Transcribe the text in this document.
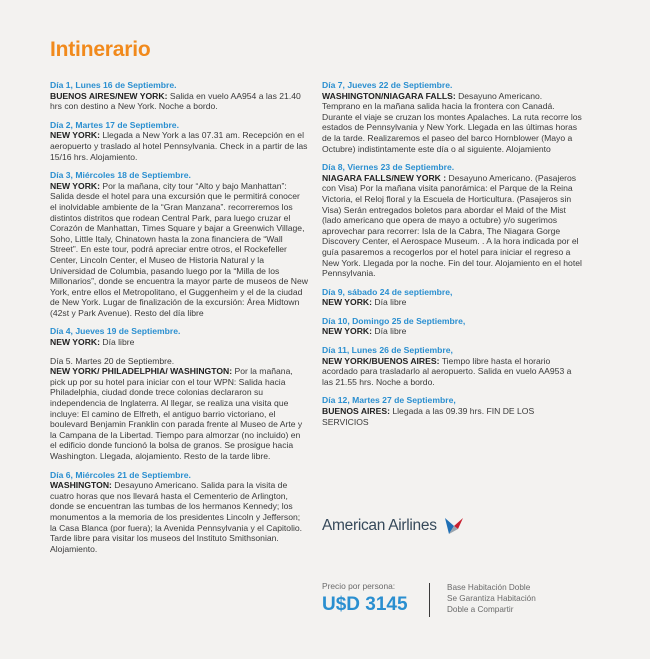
Intinerario
Día 1, Lunes 16 de Septiembre.
BUENOS AIRES/NEW YORK: Salida en vuelo AA954 a las 21.40 hrs con destino a New York. Noche a bordo.
Día 2, Martes 17 de Septiembre.
NEW YORK: Llegada a New York a las 07.31 am. Recepción en el aeropuerto y traslado al hotel Pennsylvania. Check in a partir de las 15/16 hrs. Alojamiento.
Día 3, Miércoles 18 de Septiembre.
NEW YORK: Por la mañana, city tour “Alto y bajo Manhattan”: Salida desde el hotel para una excursión que le permitirá conocer el inolvidable ambiente de la “Gran Manzana”. recorreremos los distintos distritos que rodean Central Park, para luego cruzar el Corazón de Manhattan, Times Square y bajar a Greenwich Village, Soho, Little Italy, Chinatown hasta la zona financiera de “Wall Street”. En este tour, podrá apreciar entre otros, el Rockefeller Center, Lincoln Center, el Museo de Historia Natural y la Universidad de Columbia, pasando luego por la “Milla de los Millonarios”, donde se encuentra la mayor parte de museos de New York, entre ellos el Metropolitano, el Guggenheim y el de la ciudad de New York. Lugar de finalización de la excursión: Área Midtown (42st y Park Avenue). Resto del día libre
Día 4, Jueves 19 de Septiembre.
NEW YORK: Día libre
Día 5. Martes 20 de Septiembre.
NEW YORK/ PHILADELPHIA/ WASHINGTON: Por la mañana, pick up por su hotel para iniciar con el tour WPN: Salida hacia Philadelphia, ciudad donde trece colonias declararon su independencia de Inglaterra. Al llegar, se realiza una visita que incluye: El camino de Elfreth, el antiguo barrio victoriano, el boulevard Benjamin Franklin con parada frente al Museo de Arte y la Campana de la Libertad. Tiempo para almorzar (no incluido) en el edificio donde funcionó la bolsa de granos. Se prosigue hacia Washington. Llegada, alojamiento. Resto de la tarde libre.
Día 6, Miércoles 21 de Septiembre.
WASHINGTON: Desayuno Americano. Salida para la visita de cuatro horas que nos llevará hasta el Cementerio de Arlington, donde se encuentran las tumbas de los hermanos Kennedy; los monumentos a la memoria de los presidentes Lincoln y Jefferson; la Casa Blanca (por fuera); la Avenida Pennsylvania y el Capitolio. Tarde libre para visitar los museos del Instituto Smithsonian. Alojamiento.
Día 7, Jueves 22 de Septiembre.
WASHINGTON/NIAGARA FALLS: Desayuno Americano. Temprano en la mañana salida hacia la frontera con Canadá. Durante el viaje se cruzan los montes Apalaches. La ruta recorre los estados de Pennsylvania y New York. Llegada en las últimas horas de la tarde. Realizaremos el paseo del barco Hornblower (Mayo a Octubre) indistintamente este día o al siguiente. Alojamiento
Día 8, Viernes 23 de Septiembre.
NIAGARA FALLS/NEW YORK : Desayuno Americano. (Pasajeros con Visa) Por la mañana visita panorámica: el Parque de la Reina Victoria, el Reloj floral y la Escuela de Horticultura. (Pasajeros sin Visa) Serán entregados boletos para abordar el Maid of the Mist (lado americano que opera de mayo a octubre) y/o sugerimos aprovechar para recorrer: Isla de la Cabra, The Niagara Gorge Discovery Center, el Aerospace Museum. . A la hora indicada por el guía pasaremos a recogerlos por el hotel para iniciar el regreso a New York. Llegada por la noche. Fin del tour. Alojamiento en el hotel Pennsylvania.
Día 9, sábado 24 de septiembre,
NEW YORK: Día libre
Día 10, Domingo 25 de Septiembre,
NEW YORK: Día libre
Día 11, Lunes 26 de Septiembre,
NEW YORK/BUENOS AIRES: Tiempo libre hasta el horario acordado para trasladarlo al aeropuerto. Salida en vuelo AA953 a las 21.55 hrs. Noche a bordo.
Día 12, Martes 27 de Septiembre,
BUENOS AIRES: Llegada a las 09.39 hrs. FIN DE LOS SERVICIOS
American Airlines
Precio por persona:
U$D 3145
Base Habitación Doble
Se Garantiza Habitación
Doble a Compartir
